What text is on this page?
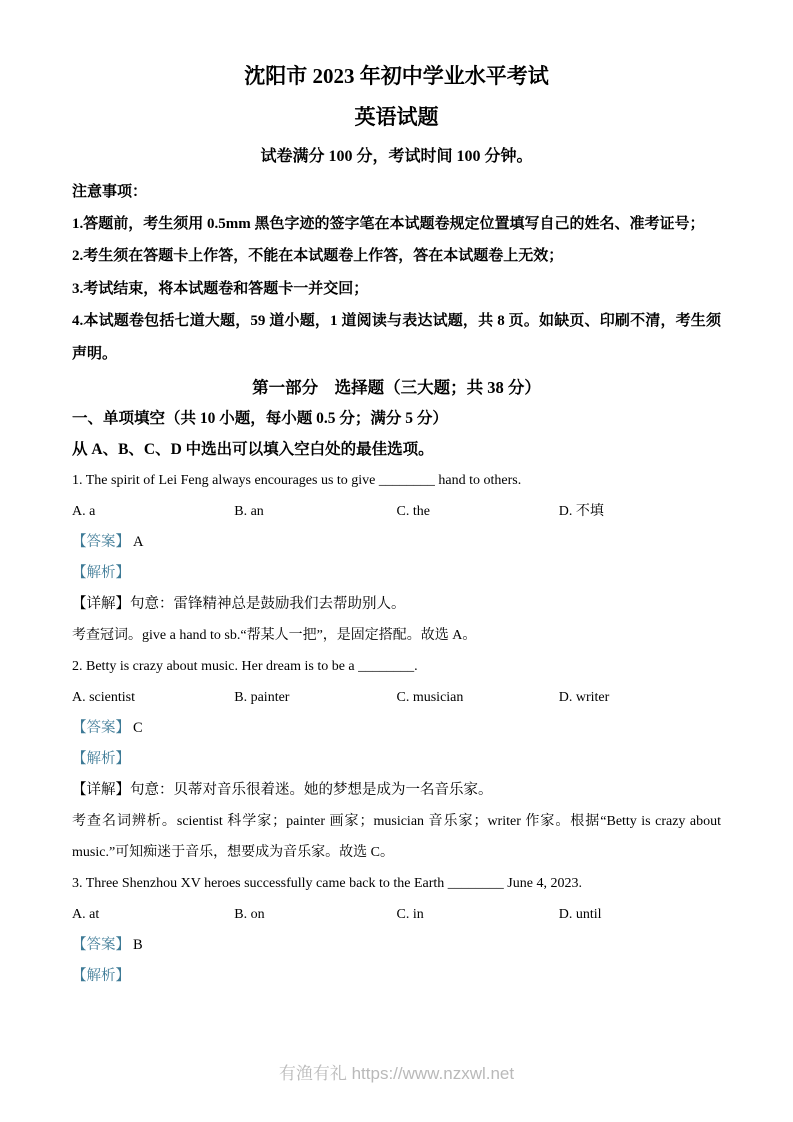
沈阳市 2023 年初中学业水平考试

英语试题

试卷满分 100 分，考试时间 100 分钟。

注意事项：

1.答题前，考生须用 0.5mm 黑色字迹的签字笔在本试题卷规定位置填写自己的姓名、准考证号；

2.考生须在答题卡上作答，不能在本试题卷上作答，答在本试题卷上无效；

3.考试结束，将本试题卷和答题卡一并交回；

4.本试题卷包括七道大题，59 道小题，1 道阅读与表达试题，共 8 页。如缺页、印刷不清，考生须声明。

第一部分　选择题（三大题；共 38 分）

一、单项填空（共 10 小题，每小题 0.5 分；满分 5 分）

从 A、B、C、D 中选出可以填入空白处的最佳选项。

1. The spirit of Lei Feng always encourages us to give ________ hand to others.

A. a	B. an	C. the	D. 不填

【答案】 A

【解析】

【详解】句意：雷锋精神总是鼓励我们去帮助别人。

考查冠词。give a hand to sb.“帮某人一把”，是固定搭配。故选 A。

2. Betty is crazy about music. Her dream is to be a ________.

A. scientist	B. painter	C. musician	D. writer

【答案】 C

【解析】

【详解】句意：贝蒂对音乐很着迷。她的梦想是成为一名音乐家。

考查名词辨析。scientist 科学家；painter 画家；musician 音乐家；writer 作家。根据“Betty is crazy about music.”可知痴迷于音乐，想要成为音乐家。故选 C。

3. Three Shenzhou XV heroes successfully came back to the Earth ________ June 4, 2023.

A. at	B. on	C. in	D. until

【答案】 B

【解析】

有渔有礼 https://www.nzxwl.net
